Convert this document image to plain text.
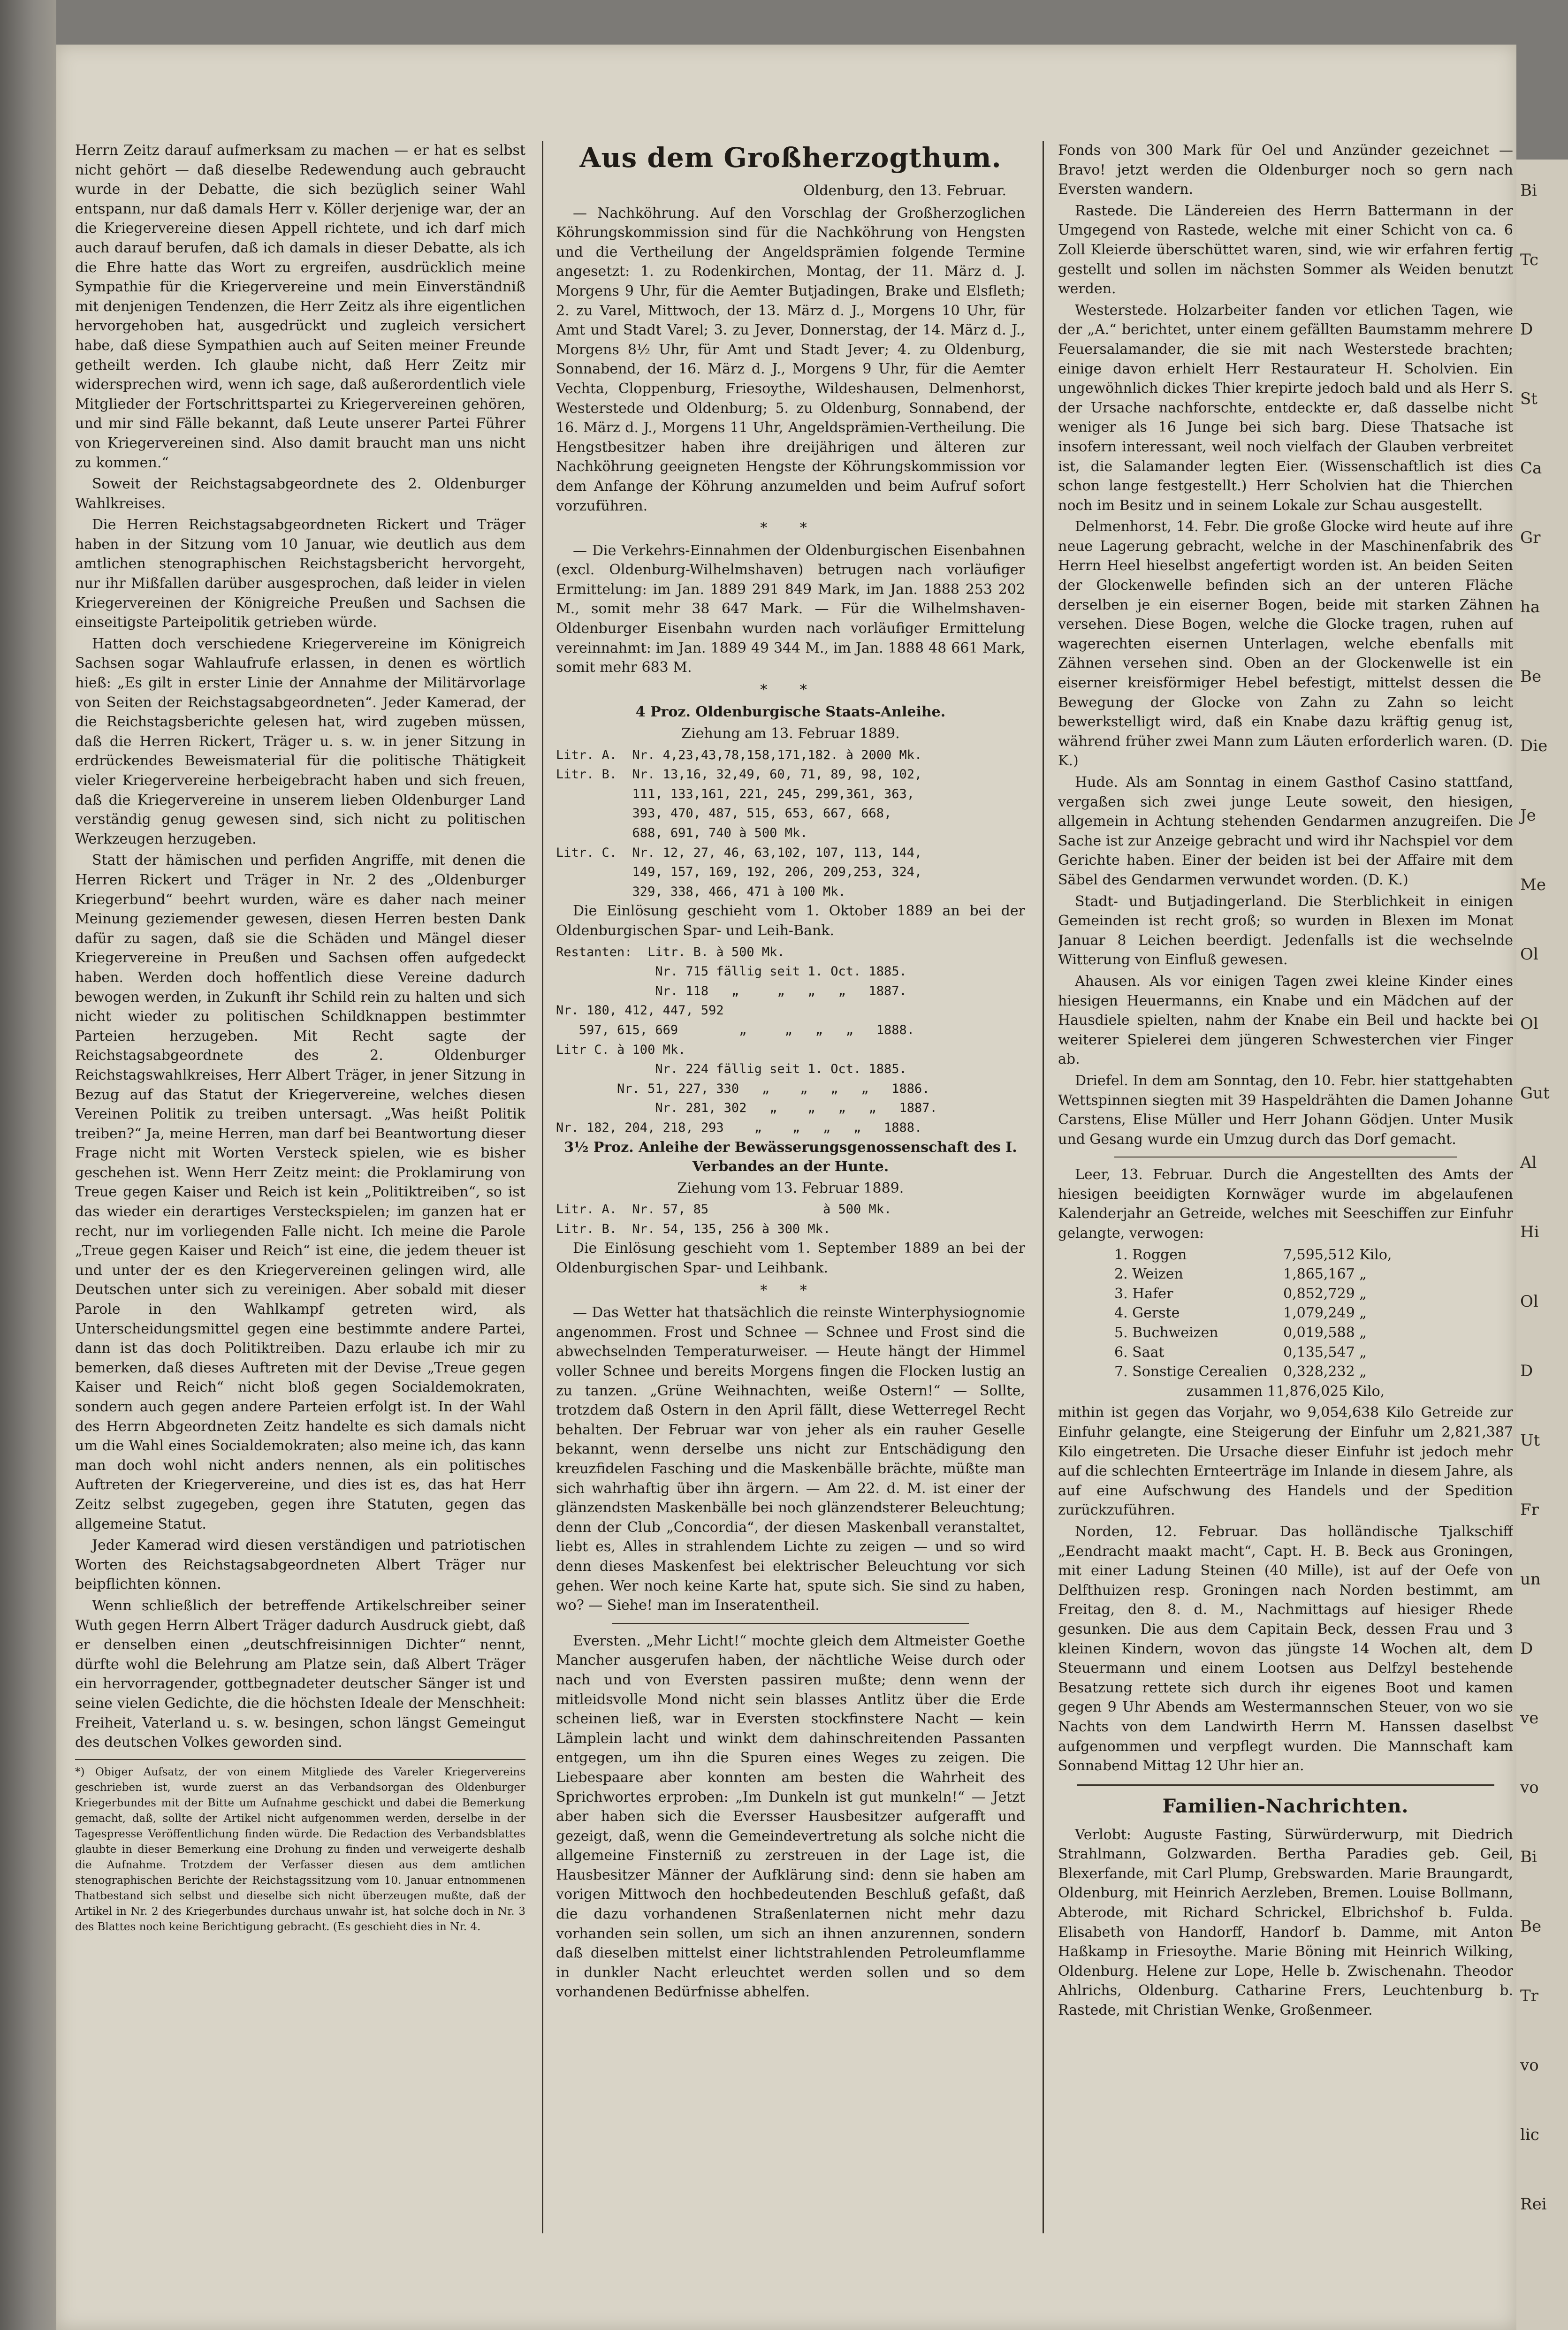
Bi
Tc
D
St
Ca
Gr
ha
Be
Die
Je
Me
Ol
Ol
Gut
Al
Hi
Ol
D
Ut
Fr
un
D
ve
vo
Bi
Be
Tr
vo
lic
Rei

Herrn Zeitz darauf aufmerksam zu machen — er hat es selbst nicht gehört — daß dieselbe Redewendung auch gebraucht wurde in der Debatte, die sich bezüglich seiner Wahl entspann, nur daß damals Herr v. Köller derjenige war, der an die Kriegervereine diesen Appell richtete, und ich darf mich auch darauf berufen, daß ich damals in dieser Debatte, als ich die Ehre hatte das Wort zu ergreifen, ausdrücklich meine Sympathie für die Kriegervereine und mein Einverständniß mit denjenigen Tendenzen, die Herr Zeitz als ihre eigentlichen hervorgehoben hat, ausgedrückt und zugleich versichert habe, daß diese Sympathien auch auf Seiten meiner Freunde getheilt werden. Ich glaube nicht, daß Herr Zeitz mir widersprechen wird, wenn ich sage, daß außerordentlich viele Mitglieder der Fortschrittspartei zu Kriegervereinen gehören, und mir sind Fälle bekannt, daß Leute unserer Partei Führer von Kriegervereinen sind. Also damit braucht man uns nicht zu kommen.“

Soweit der Reichstagsabgeordnete des 2. Oldenburger Wahlkreises.

Die Herren Reichstagsabgeordneten Rickert und Träger haben in der Sitzung vom 10 Januar, wie deutlich aus dem amtlichen stenographischen Reichstagsbericht hervorgeht, nur ihr Mißfallen darüber ausgesprochen, daß leider in vielen Kriegervereinen der Königreiche Preußen und Sachsen die einseitigste Parteipolitik getrieben würde.

Hatten doch verschiedene Kriegervereine im Königreich Sachsen sogar Wahlaufrufe erlassen, in denen es wörtlich hieß: „Es gilt in erster Linie der Annahme der Militärvorlage von Seiten der Reichstagsabgeordneten“. Jeder Kamerad, der die Reichstagsberichte gelesen hat, wird zugeben müssen, daß die Herren Rickert, Träger u. s. w. in jener Sitzung in erdrückendes Beweismaterial für die politische Thätigkeit vieler Kriegervereine herbeigebracht haben und sich freuen, daß die Kriegervereine in unserem lieben Oldenburger Land verständig genug gewesen sind, sich nicht zu politischen Werkzeugen herzugeben.

Statt der hämischen und perfiden Angriffe, mit denen die Herren Rickert und Träger in Nr. 2 des „Oldenburger Kriegerbund“ beehrt wurden, wäre es daher nach meiner Meinung geziemender gewesen, diesen Herren besten Dank dafür zu sagen, daß sie die Schäden und Mängel dieser Kriegervereine in Preußen und Sachsen offen aufgedeckt haben. Werden doch hoffentlich diese Vereine dadurch bewogen werden, in Zukunft ihr Schild rein zu halten und sich nicht wieder zu politischen Schildknappen bestimmter Parteien herzugeben. Mit Recht sagte der Reichstagsabgeordnete des 2. Oldenburger Reichstagswahlkreises, Herr Albert Träger, in jener Sitzung in Bezug auf das Statut der Kriegervereine, welches diesen Vereinen Politik zu treiben untersagt. „Was heißt Politik treiben?“ Ja, meine Herren, man darf bei Beantwortung dieser Frage nicht mit Worten Versteck spielen, wie es bisher geschehen ist. Wenn Herr Zeitz meint: die Proklamirung von Treue gegen Kaiser und Reich ist kein „Politiktreiben“, so ist das wieder ein derartiges Versteckspielen; im ganzen hat er recht, nur im vorliegenden Falle nicht. Ich meine die Parole „Treue gegen Kaiser und Reich“ ist eine, die jedem theuer ist und unter der es den Kriegervereinen gelingen wird, alle Deutschen unter sich zu vereinigen. Aber sobald mit dieser Parole in den Wahlkampf getreten wird, als Unterscheidungsmittel gegen eine bestimmte andere Partei, dann ist das doch Politiktreiben. Dazu erlaube ich mir zu bemerken, daß dieses Auftreten mit der Devise „Treue gegen Kaiser und Reich“ nicht bloß gegen Socialdemokraten, sondern auch gegen andere Parteien erfolgt ist. In der Wahl des Herrn Abgeordneten Zeitz handelte es sich damals nicht um die Wahl eines Socialdemokraten; also meine ich, das kann man doch wohl nicht anders nennen, als ein politisches Auftreten der Kriegervereine, und dies ist es, das hat Herr Zeitz selbst zugegeben, gegen ihre Statuten, gegen das allgemeine Statut.

Jeder Kamerad wird diesen verständigen und patriotischen Worten des Reichstagsabgeordneten Albert Träger nur beipflichten können.

Wenn schließlich der betreffende Artikelschreiber seiner Wuth gegen Herrn Albert Träger dadurch Ausdruck giebt, daß er denselben einen „deutschfreisinnigen Dichter“ nennt, dürfte wohl die Belehrung am Platze sein, daß Albert Träger ein hervorragender, gottbegnadeter deutscher Sänger ist und seine vielen Gedichte, die die höchsten Ideale der Menschheit: Freiheit, Vaterland u. s. w. besingen, schon längst Gemeingut des deutschen Volkes geworden sind.

*) Obiger Aufsatz, der von einem Mitgliede des Vareler Kriegervereins geschrieben ist, wurde zuerst an das Verbandsorgan des Oldenburger Kriegerbundes mit der Bitte um Aufnahme geschickt und dabei die Bemerkung gemacht, daß, sollte der Artikel nicht aufgenommen werden, derselbe in der Tagespresse Veröffentlichung finden würde. Die Redaction des Verbandsblattes glaubte in dieser Bemerkung eine Drohung zu finden und verweigerte deshalb die Aufnahme. Trotzdem der Verfasser diesen aus dem amtlichen stenographischen Berichte der Reichstagssitzung vom 10. Januar entnommenen Thatbestand sich selbst und dieselbe sich nicht überzeugen mußte, daß der Artikel in Nr. 2 des Kriegerbundes durchaus unwahr ist, hat solche doch in Nr. 3 des Blattes noch keine Berichtigung gebracht. (Es geschieht dies in Nr. 4.
Aus dem Großherzogthum.
Oldenburg, den 13. Februar.

— Nachköhrung. Auf den Vorschlag der Großherzoglichen Köhrungskommission sind für die Nachköhrung von Hengsten und die Vertheilung der Angeldsprämien folgende Termine angesetzt: 1. zu Rodenkirchen, Montag, der 11. März d. J. Morgens 9 Uhr, für die Aemter Butjadingen, Brake und Elsfleth; 2. zu Varel, Mittwoch, der 13. März d. J., Morgens 10 Uhr, für Amt und Stadt Varel; 3. zu Jever, Donnerstag, der 14. März d. J., Morgens 8½ Uhr, für Amt und Stadt Jever; 4. zu Oldenburg, Sonnabend, der 16. März d. J., Morgens 9 Uhr, für die Aemter Vechta, Cloppenburg, Friesoythe, Wildeshausen, Delmenhorst, Westerstede und Oldenburg; 5. zu Oldenburg, Sonnabend, der 16. März d. J., Morgens 11 Uhr, Angeldsprämien-Vertheilung. Die Hengstbesitzer haben ihre dreijährigen und älteren zur Nachköhrung geeigneten Hengste der Köhrungskommission vor dem Anfange der Köhrung anzumelden und beim Aufruf sofort vorzuführen.

* *

— Die Verkehrs-Einnahmen der Oldenburgischen Eisenbahnen (excl. Oldenburg-Wilhelmshaven) betrugen nach vorläufiger Ermittelung: im Jan. 1889 291 849 Mark, im Jan. 1888 253 202 M., somit mehr 38 647 Mark. — Für die Wilhelmshaven-Oldenburger Eisenbahn wurden nach vorläufiger Ermittelung vereinnahmt: im Jan. 1889 49 344 M., im Jan. 1888 48 661 Mark, somit mehr 683 M.

* *

4 Proz. Oldenburgische Staats-Anleihe.

Ziehung am 13. Februar 1889.

Litr. A.  Nr. 4,23,43,78,158,171,182. à 2000 Mk.

Litr. B.  Nr. 13,16, 32,49, 60, 71, 89, 98, 102,
111, 133,161, 221, 245, 299,361, 363,
393, 470, 487, 515, 653, 667, 668,
688, 691, 740 à 500 Mk.

Litr. C.  Nr. 12, 27, 46, 63,102, 107, 113, 144,
149, 157, 169, 192, 206, 209,253, 324,
329, 338, 466, 471 à 100 Mk.

Die Einlösung geschieht vom 1. Oktober 1889 an bei der Oldenburgischen Spar- und Leih-Bank.

Restanten:  Litr. B. à 500 Mk.
Nr. 715 fällig seit 1. Oct. 1885.
Nr. 118   „     „   „   „   1887.
Nr. 180, 412, 447, 592
597, 615, 669        „     „   „   „   1888.
Litr C. à 100 Mk.
Nr. 224 fällig seit 1. Oct. 1885.
Nr. 51, 227, 330   „    „   „   „   1886.
Nr. 281, 302   „    „   „   „   1887.
Nr. 182, 204, 218, 293    „    „   „   „   1888.

3½ Proz. Anleihe der Bewässerungsgenossenschaft des I. Verbandes an der Hunte.

Ziehung vom 13. Februar 1889.

Litr. A.  Nr. 57, 85               à 500 Mk.
Litr. B.  Nr. 54, 135, 256 à 300 Mk.

Die Einlösung geschieht vom 1. September 1889 an bei der Oldenburgischen Spar- und Leihbank.

* *

— Das Wetter hat thatsächlich die reinste Winterphysiognomie angenommen. Frost und Schnee — Schnee und Frost sind die abwechselnden Temperaturweiser. — Heute hängt der Himmel voller Schnee und bereits Morgens fingen die Flocken lustig an zu tanzen. „Grüne Weihnachten, weiße Ostern!“ — Sollte, trotzdem daß Ostern in den April fällt, diese Wetterregel Recht behalten. Der Februar war von jeher als ein rauher Geselle bekannt, wenn derselbe uns nicht zur Entschädigung den kreuzfidelen Fasching und die Maskenbälle brächte, müßte man sich wahrhaftig über ihn ärgern. — Am 22. d. M. ist einer der glänzendsten Maskenbälle bei noch glänzendsterer Beleuchtung; denn der Club „Concordia“, der diesen Maskenball veranstaltet, liebt es, Alles in strahlendem Lichte zu zeigen — und so wird denn dieses Maskenfest bei elektrischer Beleuchtung vor sich gehen. Wer noch keine Karte hat, spute sich. Sie sind zu haben, wo? — Siehe! man im Inseratentheil.

Eversten. „Mehr Licht!“ mochte gleich dem Altmeister Goethe Mancher ausgerufen haben, der nächtliche Weise durch oder nach und von Eversten passiren mußte; denn wenn der mitleidsvolle Mond nicht sein blasses Antlitz über die Erde scheinen ließ, war in Eversten stockfinstere Nacht — kein Lämplein lacht und winkt dem dahinschreitenden Passanten entgegen, um ihn die Spuren eines Weges zu zeigen. Die Liebespaare aber konnten am besten die Wahrheit des Sprichwortes erproben: „Im Dunkeln ist gut munkeln!“ — Jetzt aber haben sich die Eversser Hausbesitzer aufgerafft und gezeigt, daß, wenn die Gemeindevertretung als solche nicht die allgemeine Finsterniß zu zerstreuen in der Lage ist, die Hausbesitzer Männer der Aufklärung sind: denn sie haben am vorigen Mittwoch den hochbedeutenden Beschluß gefaßt, daß die dazu vorhandenen Straßenlaternen nicht mehr dazu vorhanden sein sollen, um sich an ihnen anzurennen, sondern daß dieselben mittelst einer lichtstrahlenden Petroleumflamme in dunkler Nacht erleuchtet werden sollen und so dem vorhandenen Bedürfnisse abhelfen.

Fonds von 300 Mark für Oel und Anzünder gezeichnet — Bravo! jetzt werden die Oldenburger noch so gern nach Eversten wandern.

Rastede. Die Ländereien des Herrn Battermann in der Umgegend von Rastede, welche mit einer Schicht von ca. 6 Zoll Kleierde überschüttet waren, sind, wie wir erfahren fertig gestellt und sollen im nächsten Sommer als Weiden benutzt werden.

Westerstede. Holzarbeiter fanden vor etlichen Tagen, wie der „A.“ berichtet, unter einem gefällten Baumstamm mehrere Feuersalamander, die sie mit nach Westerstede brachten; einige davon erhielt Herr Restaurateur H. Scholvien. Ein ungewöhnlich dickes Thier krepirte jedoch bald und als Herr S. der Ursache nachforschte, entdeckte er, daß dasselbe nicht weniger als 16 Junge bei sich barg. Diese Thatsache ist insofern interessant, weil noch vielfach der Glauben verbreitet ist, die Salamander legten Eier. (Wissenschaftlich ist dies schon lange festgestellt.) Herr Scholvien hat die Thierchen noch im Besitz und in seinem Lokale zur Schau ausgestellt.

Delmenhorst, 14. Febr. Die große Glocke wird heute auf ihre neue Lagerung gebracht, welche in der Maschinenfabrik des Herrn Heel hieselbst angefertigt worden ist. An beiden Seiten der Glockenwelle befinden sich an der unteren Fläche derselben je ein eiserner Bogen, beide mit starken Zähnen versehen. Diese Bogen, welche die Glocke tragen, ruhen auf wagerechten eisernen Unterlagen, welche ebenfalls mit Zähnen versehen sind. Oben an der Glockenwelle ist ein eiserner kreisförmiger Hebel befestigt, mittelst dessen die Bewegung der Glocke von Zahn zu Zahn so leicht bewerkstelligt wird, daß ein Knabe dazu kräftig genug ist, während früher zwei Mann zum Läuten erforderlich waren. (D. K.)

Hude. Als am Sonntag in einem Gasthof Casino stattfand, vergaßen sich zwei junge Leute soweit, den hiesigen, allgemein in Achtung stehenden Gendarmen anzugreifen. Die Sache ist zur Anzeige gebracht und wird ihr Nachspiel vor dem Gerichte haben. Einer der beiden ist bei der Affaire mit dem Säbel des Gendarmen verwundet worden. (D. K.)

Stadt- und Butjadingerland. Die Sterblichkeit in einigen Gemeinden ist recht groß; so wurden in Blexen im Monat Januar 8 Leichen beerdigt. Jedenfalls ist die wechselnde Witterung von Einfluß gewesen.

Ahausen. Als vor einigen Tagen zwei kleine Kinder eines hiesigen Heuermanns, ein Knabe und ein Mädchen auf der Hausdiele spielten, nahm der Knabe ein Beil und hackte bei weiterer Spielerei dem jüngeren Schwesterchen vier Finger ab.

Driefel. In dem am Sonntag, den 10. Febr. hier stattgehabten Wettspinnen siegten mit 39 Haspeldrähten die Damen Johanne Carstens, Elise Müller und Herr Johann Gödjen. Unter Musik und Gesang wurde ein Umzug durch das Dorf gemacht.

Leer, 13. Februar. Durch die Angestellten des Amts der hiesigen beeidigten Kornwäger wurde im abgelaufenen Kalenderjahr an Getreide, welches mit Seeschiffen zur Einfuhr gelangte, verwogen:

1. Roggen	7,595,512 Kilo,
2. Weizen	1,865,167 „
3. Hafer	0,852,729 „
4. Gerste	1,079,249 „
5. Buchweizen	0,019,588 „
6. Saat	0,135,547 „
7. Sonstige Cerealien	0,328,232 „

zusammen 11,876,025 Kilo,

mithin ist gegen das Vorjahr, wo 9,054,638 Kilo Getreide zur Einfuhr gelangte, eine Steigerung der Einfuhr um 2,821,387 Kilo eingetreten. Die Ursache dieser Einfuhr ist jedoch mehr auf die schlechten Ernteerträge im Inlande in diesem Jahre, als auf eine Aufschwung des Handels und der Spedition zurückzuführen.

Norden, 12. Februar. Das holländische Tjalkschiff „Eendracht maakt macht“, Capt. H. B. Beck aus Groningen, mit einer Ladung Steinen (40 Mille), ist auf der Oefe von Delfthuizen resp. Groningen nach Norden bestimmt, am Freitag, den 8. d. M., Nachmittags auf hiesiger Rhede gesunken. Die aus dem Capitain Beck, dessen Frau und 3 kleinen Kindern, wovon das jüngste 14 Wochen alt, dem Steuermann und einem Lootsen aus Delfzyl bestehende Besatzung rettete sich durch ihr eigenes Boot und kamen gegen 9 Uhr Abends am Westermannschen Steuer, von wo sie Nachts von dem Landwirth Herrn M. Hanssen daselbst aufgenommen und verpflegt wurden. Die Mannschaft kam Sonnabend Mittag 12 Uhr hier an.

Familien-Nachrichten.

Verlobt: Auguste Fasting, Sürwürderwurp, mit Diedrich Strahlmann, Golzwarden. Bertha Paradies geb. Geil, Blexerfande, mit Carl Plump, Grebswarden. Marie Braungardt, Oldenburg, mit Heinrich Aerzleben, Bremen. Louise Bollmann, Abterode, mit Richard Schrickel, Elbrichshof b. Fulda. Elisabeth von Handorff, Handorf b. Damme, mit Anton Haßkamp in Friesoythe. Marie Böning mit Heinrich Wilking, Oldenburg. Helene zur Lope, Helle b. Zwischenahn. Theodor Ahlrichs, Oldenburg. Catharine Frers, Leuchtenburg b. Rastede, mit Christian Wenke, Großenmeer.
